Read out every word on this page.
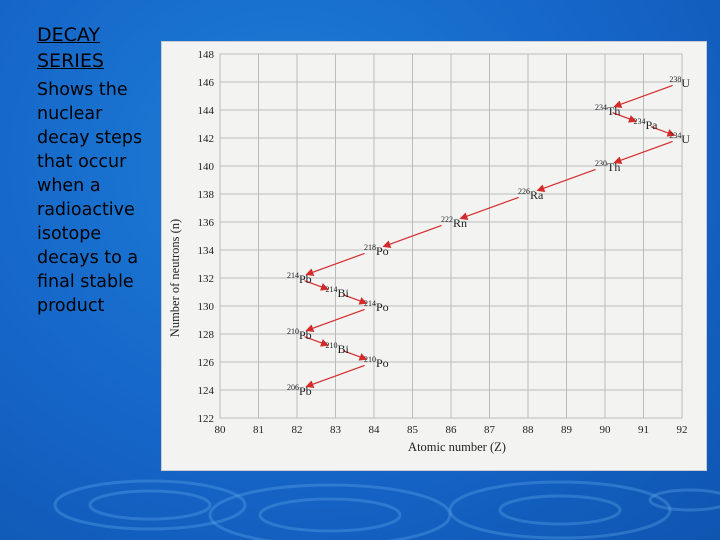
DECAY
SERIES
Shows the
nuclear
decay steps
that occur
when a
radioactive
isotope
decays to a
final stable
product
80	81	82	83	84	85	86	87	88	89	90	91	92
122
124
126
128
130
132
134
136
138
140
142
144
146
148
$^{238}$U
$^{234}$Th
$^{234}$Pa
$^{234}$U
$^{230}$Th
$^{226}$Ra
$^{222}$Rn
$^{218}$Po
$^{214}$Pb
$^{214}$Bi
$^{214}$Po
$^{210}$Pb
$^{210}$Bi
$^{210}$Po
$^{206}$Pb
Atomic number (Z)
Number of neutrons (n)
